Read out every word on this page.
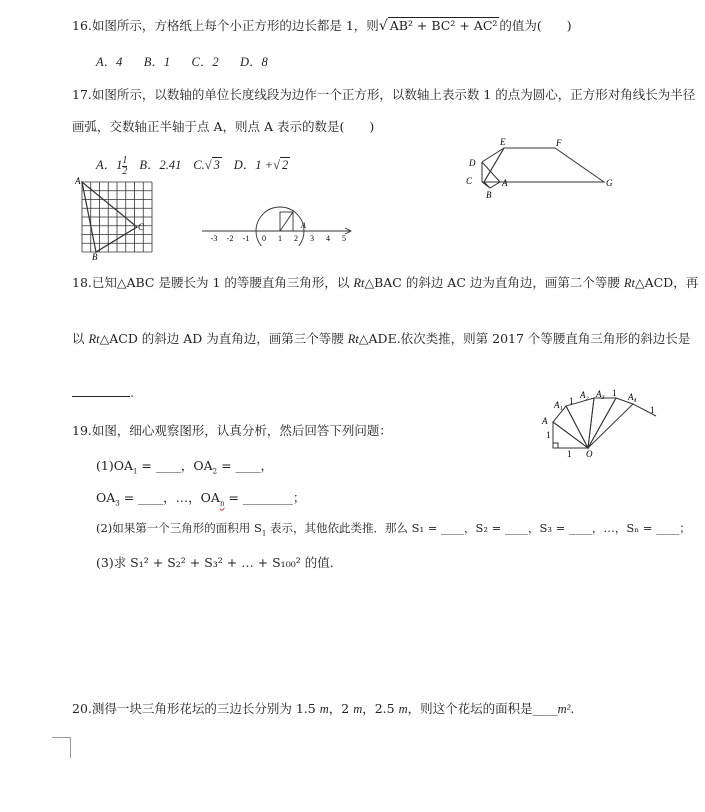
16.如图所示，方格纸上每个小正方形的边长都是 1，则√ AB² + BC² + AC² 的值为(　　)
A．4 B．1 C．2 D．8
17.如图所示，以数轴的单位长度线段为边作一个正方形，以数轴上表示数 1 的点为圆心，正方形对角线长为半径
画弧，交数轴正半轴于点 A，则点 A 表示的数是(　　)
A．$1 \frac{1}{2}$ B．2.41 C.√ 3 D．1 +√ 2
A
C
B
A
-3 -2 -1 0 1 2 3 4 5
E	F
D
C	A
B
G
18.已知△ABC 是腰长为 1 的等腰直角三角形，以 Rt△BAC 的斜边 AC 边为直角边，画第二个等腰 Rt△ACD，再
以 Rt△ACD 的斜边 AD 为直角边，画第三个等腰 Rt△ADE.依次类推，则第 2017 个等腰直角三角形的斜边长是
.
19.如图，细心观察图形，认真分析，然后回答下列问题：
$(1)OA_1$ = ____，$OA_2$ = ____，
$OA_3$ = ____，…，$OA_n$ = ________；
(2)如果第一个三角形的面积用 $S_1$ 表示，其他依此类推．那么 S₁ = ____，S₂ = ____，S₃ = ____，…，Sₙ = ____；
(3)求 S₁² + S₂² + S₃² + … + S₁₀₀² 的值．
A
A₁
A₂ A₃	A₄
O
1
1
1
1
1
20.测得一块三角形花坛的三边长分别为 1.5 m，2 m，2.5 m，则这个花坛的面积是____m².
